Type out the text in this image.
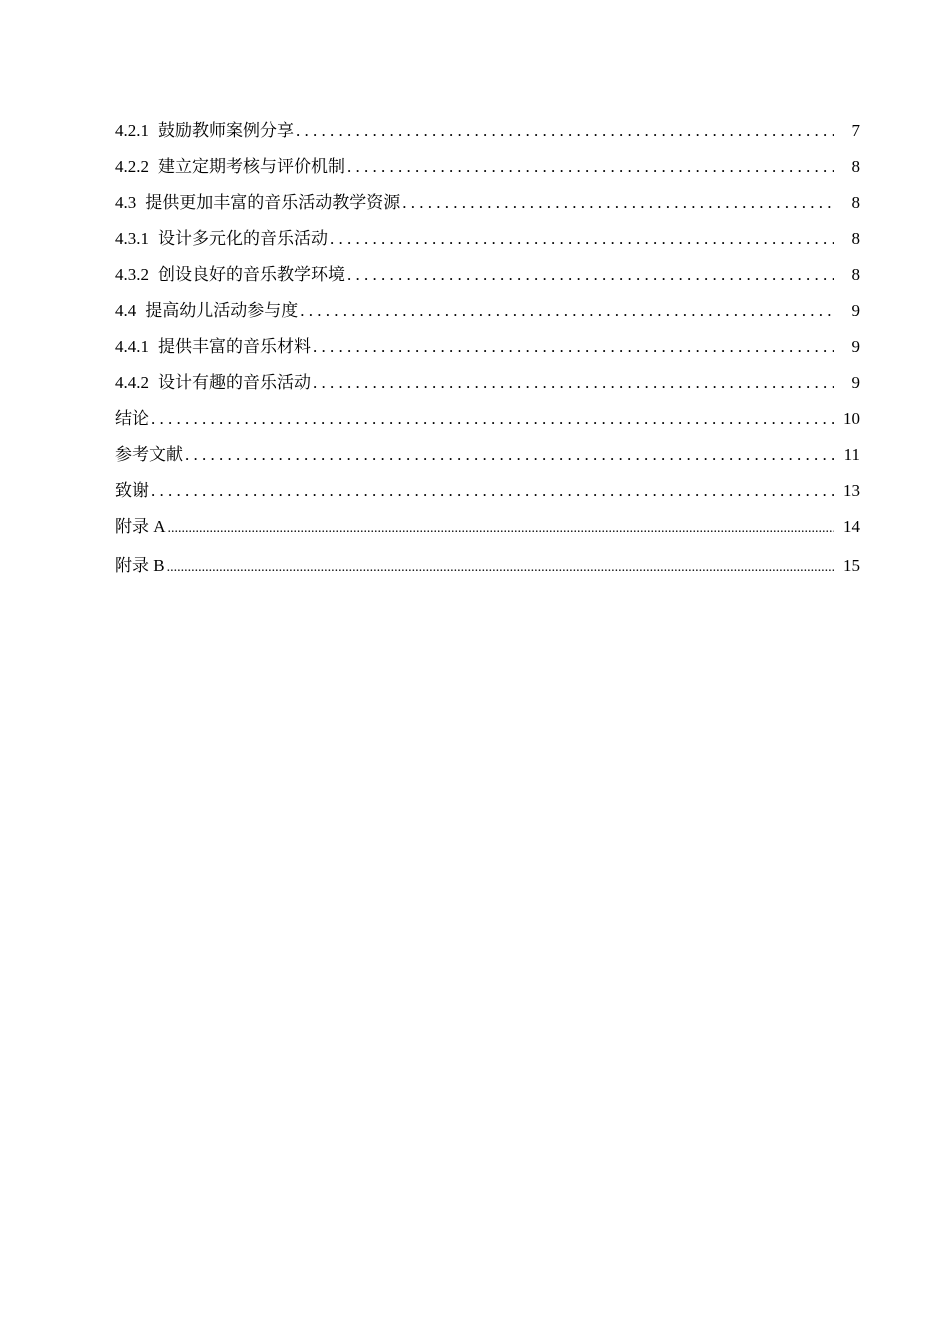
4.2.1 鼓励教师案例分享 . . .	7
4.2.2 建立定期考核与评价机制 . . .	8
4.3 提供更加丰富的音乐活动教学资源 . . .	8
4.3.1 设计多元化的音乐活动 . . .	8
4.3.2 创设良好的音乐教学环境 . . .	8
4.4 提高幼儿活动参与度 . . .	9
4.4.1 提供丰富的音乐材料 . . .	9
4.4.2 设计有趣的音乐活动 . . .	9
结论 . . .	10
参考文献 . . .	11
致谢 . . .	13
附录 A .....	14
附录 B .....	15
